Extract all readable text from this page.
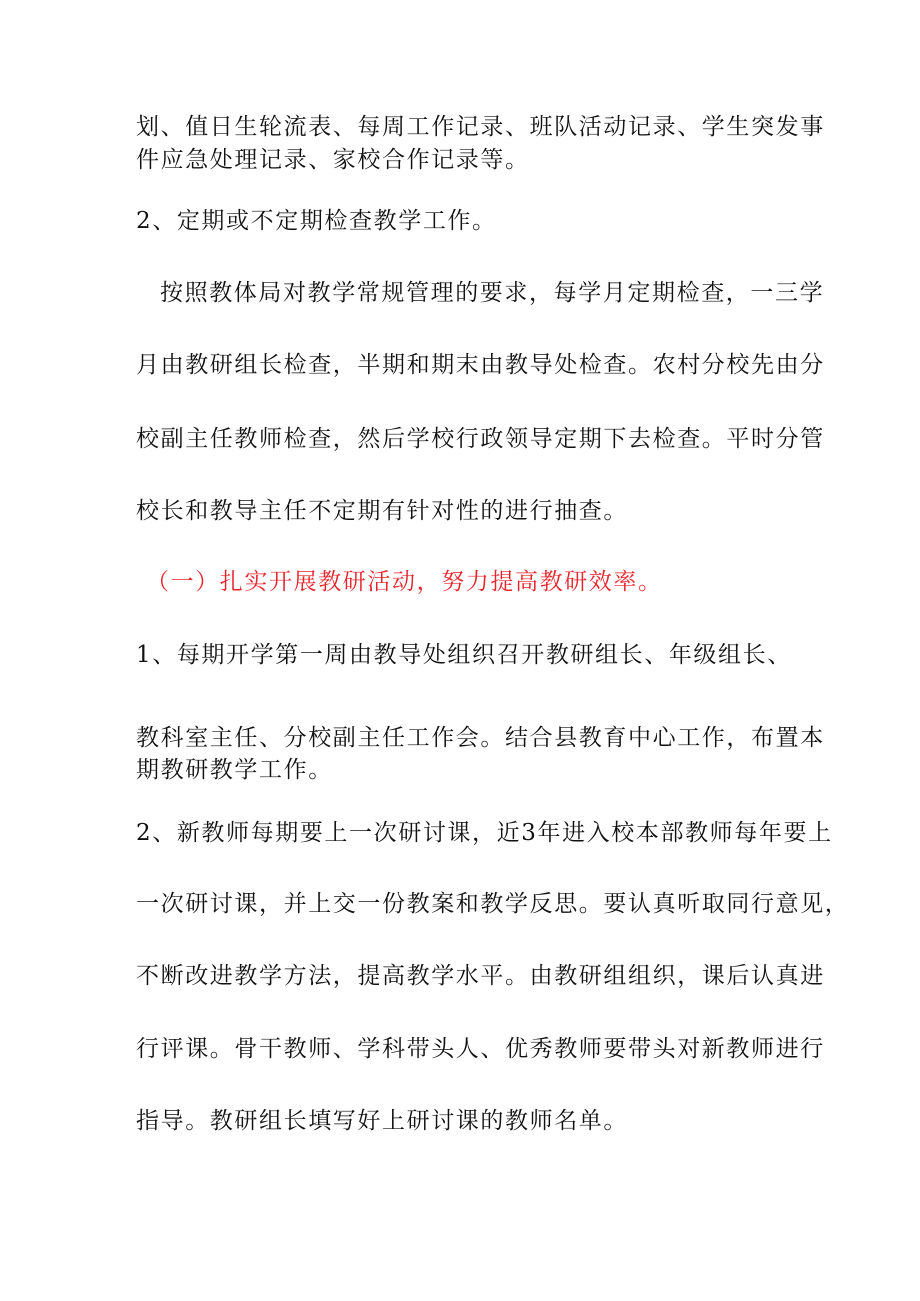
划、值日生轮流表、每周工作记录、班队活动记录、学生突发事
件应急处理记录、家校合作记录等。
2、定期或不定期检查教学工作。
按照教体局对教学常规管理的要求，每学月定期检查，一三学
月由教研组长检查，半期和期末由教导处检查。农村分校先由分
校副主任教师检查，然后学校行政领导定期下去检查。平时分管
校长和教导主任不定期有针对性的进行抽查。
（一）扎实开展教研活动，努力提高教研效率。
1、每期开学第一周由教导处组织召开教研组长、年级组长、
教科室主任、分校副主任工作会。结合县教育中心工作，布置本
期教研教学工作。
2、新教师每期要上一次研讨课，近3年进入校本部教师每年要上
一次研讨课，并上交一份教案和教学反思。要认真听取同行意见，
不断改进教学方法，提高教学水平。由教研组组织，课后认真进
行评课。骨干教师、学科带头人、优秀教师要带头对新教师进行
指导。教研组长填写好上研讨课的教师名单。
